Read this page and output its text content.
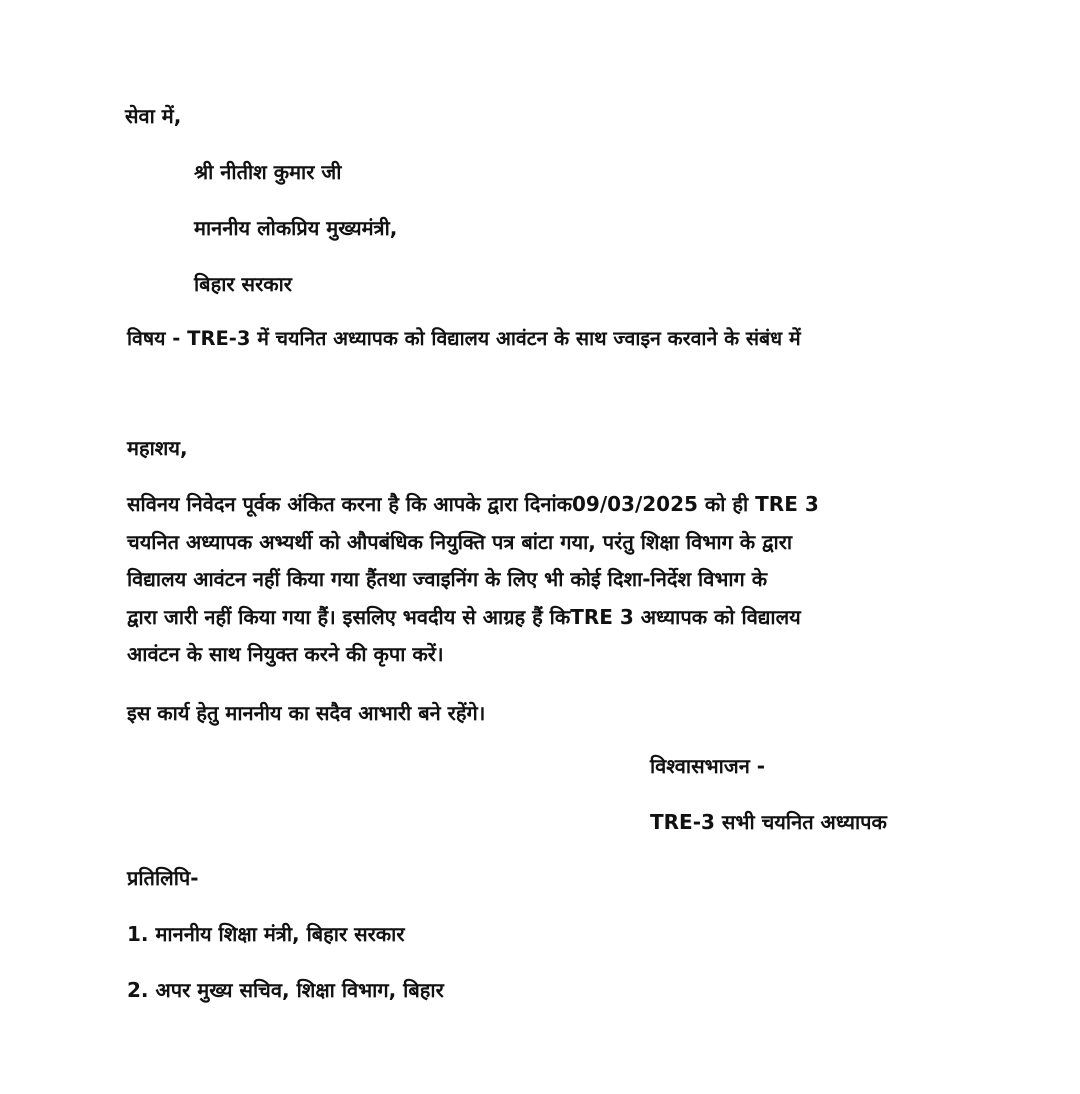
सेवा में,
श्री नीतीश कुमार जी
माननीय लोकप्रिय मुख्यमंत्री,
बिहार सरकार
विषय - TRE-3 में चयनित अध्यापक को विद्यालय आवंटन के साथ ज्वाइन करवाने के संबंध में
महाशय,
सविनय निवेदन पूर्वक अंकित करना है कि आपके द्वारा दिनांक09/03/2025 को ही TRE 3
चयनित अध्यापक अभ्यर्थी को औपबंधिक नियुक्ति पत्र बांटा गया, परंतु शिक्षा विभाग के द्वारा
विद्यालय आवंटन नहीं किया गया हैंतथा ज्वाइनिंग के लिए भी कोई दिशा-निर्देश विभाग के
द्वारा जारी नहीं किया गया हैं। इसलिए भवदीय से आग्रह हैं किTRE 3 अध्यापक को विद्यालय
आवंटन के साथ नियुक्त करने की कृपा करें।
इस कार्य हेतु माननीय का सदैव आभारी बने रहेंगे।
विश्वासभाजन -
TRE-3 सभी चयनित अध्यापक
प्रतिलिपि-
1. माननीय शिक्षा मंत्री, बिहार सरकार
2. अपर मुख्य सचिव, शिक्षा विभाग, बिहार
